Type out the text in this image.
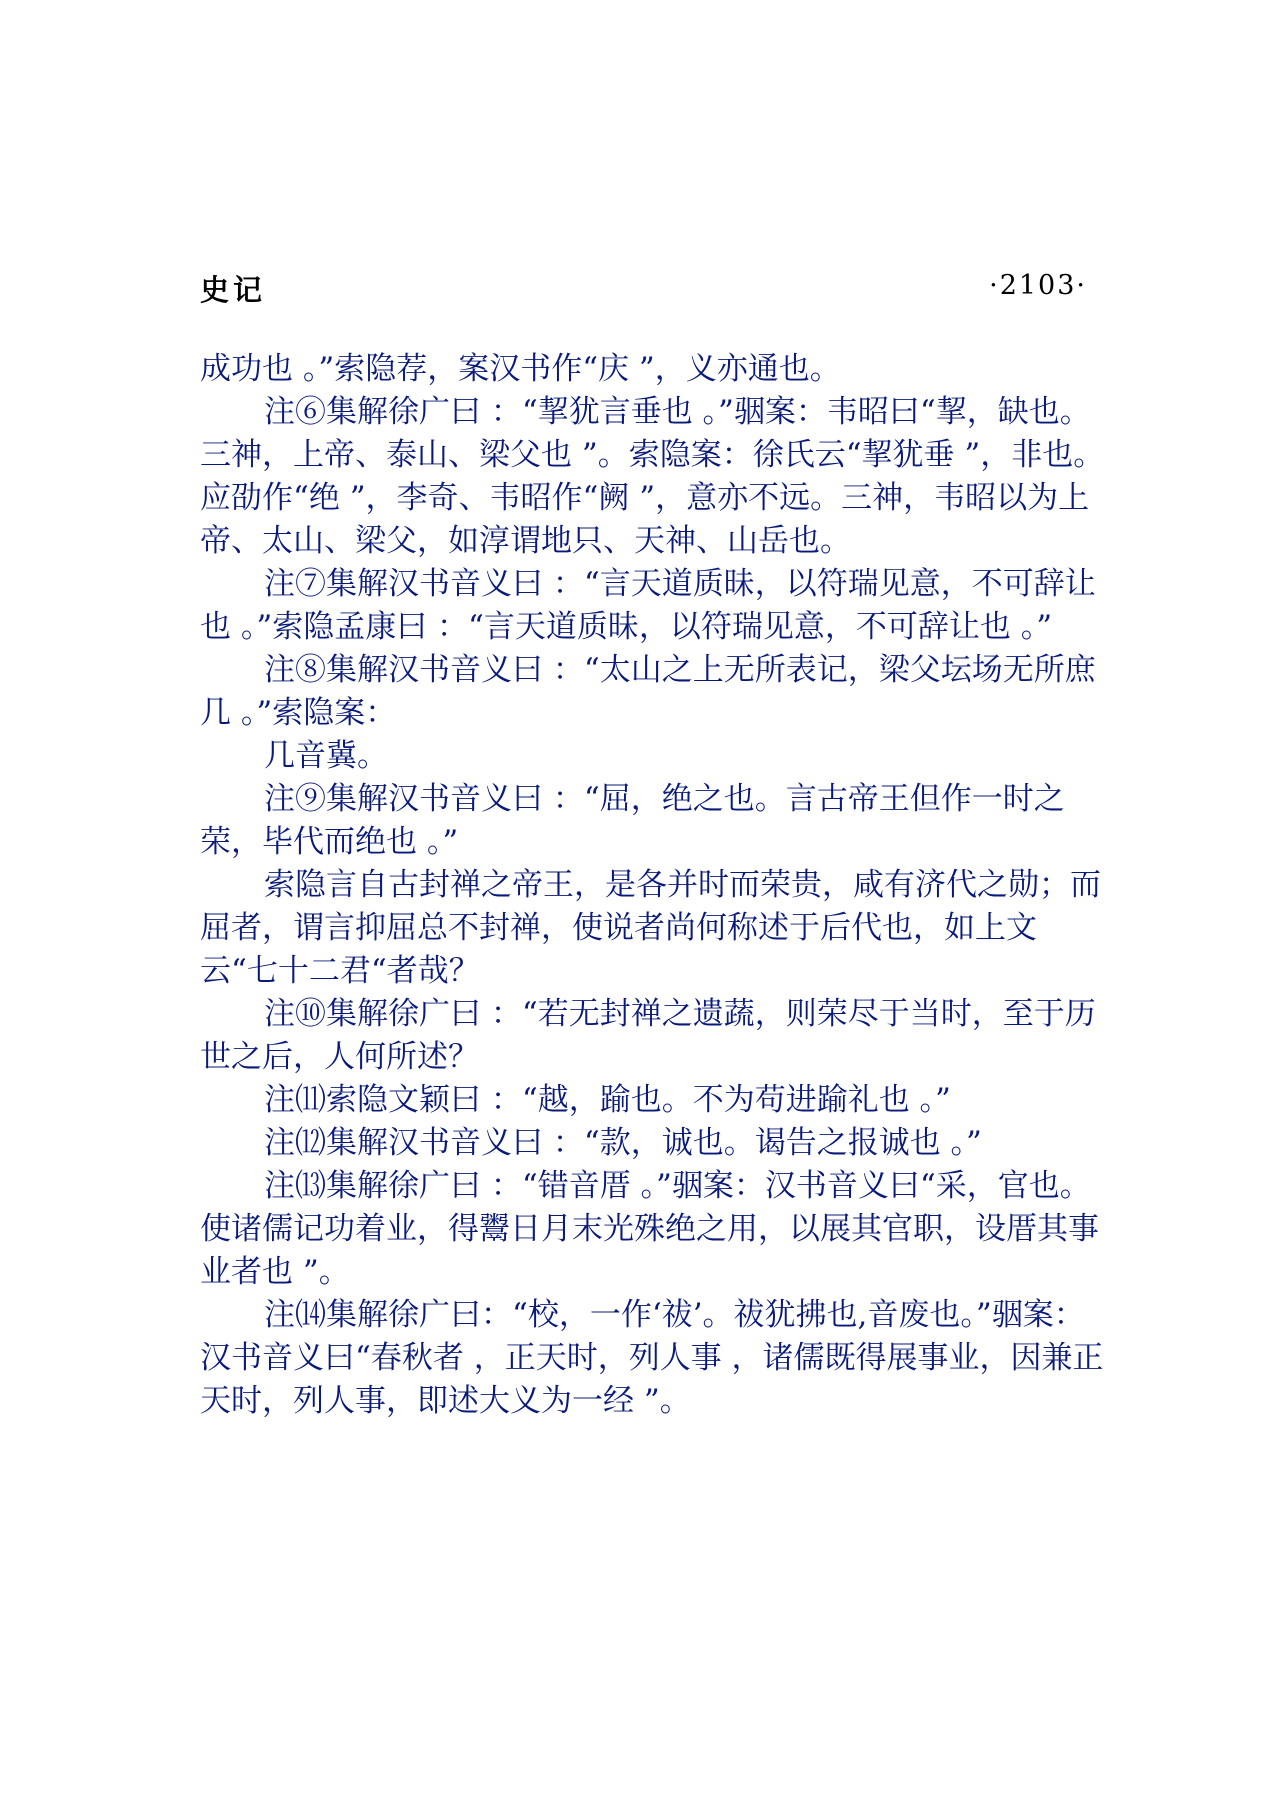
史记	·2103·

成功也 。”索隐荐，案汉书作“庆 ”，义亦通也。

注⑥集解徐广曰 ：“挈犹言垂也 。”骃案：韦昭曰“挈，缺也。三神，上帝、泰山、梁父也 ”。索隐案：徐氏云“挈犹垂 ”，非也。应劭作“绝 ”，李奇、韦昭作“阙 ”，意亦不远。三神，韦昭以为上帝、太山、梁父，如淳谓地只、天神、山岳也。

注⑦集解汉书音义曰 ：“言天道质昧，以符瑞见意，不可辞让也 。”索隐孟康曰 ：“言天道质昧，以符瑞见意，不可辞让也 。”

注⑧集解汉书音义曰 ：“太山之上无所表记，梁父坛场无所庶几 。”索隐案：

几音冀。

注⑨集解汉书音义曰 ：“屈，绝之也。言古帝王但作一时之荣，毕代而绝也 。”

索隐言自古封禅之帝王，是各并时而荣贵，咸有济代之勋；而屈者，谓言抑屈总不封禅，使说者尚何称述于后代也，如上文云“七十二君“者哉？

注⑩集解徐广曰 ：“若无封禅之遗蔬，则荣尽于当时，至于历世之后，人何所述？

注⑾索隐文颖曰 ：“越，踰也。不为苟进踰礼也 。”

注⑿集解汉书音义曰 ：“款，诚也。谒告之报诚也 。”

注⒀集解徐广曰 ：“错音厝 。”骃案：汉书音义曰“采，官也。使诸儒记功着业，得鬻日月末光殊绝之用，以展其官职，设厝其事业者也 ”。

注⒁集解徐广曰：“校，一作‘祓’。祓犹拂也,音废也。”骃案：汉书音义曰“春秋者 ，正天时，列人事 ，诸儒既得展事业，因兼正天时，列人事，即述大义为一经 ”。
